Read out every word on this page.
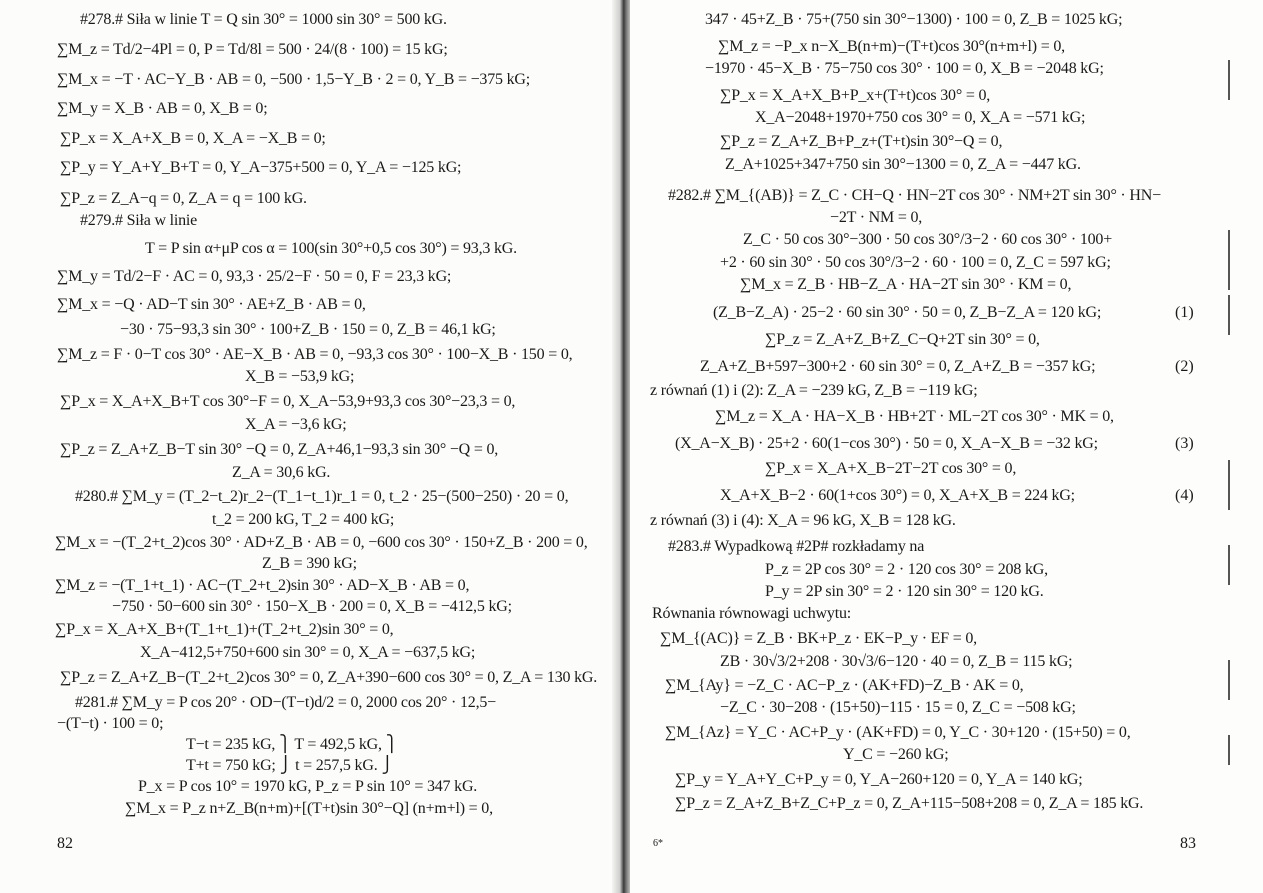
82	83
6*
(1)
(2)
(3)
(4)
#278.# Siła w linie T = Q sin 30° = 1000 sin 30° = 500 kG.
∑M_z = Td/2−4Pl = 0, P = Td/8l = 500 · 24/(8 · 100) = 15 kG;
∑M_x = −T · AC−Y_B · AB = 0, −500 · 1,5−Y_B · 2 = 0, Y_B = −375 kG;
∑M_y = X_B · AB = 0, X_B = 0;
∑P_x = X_A+X_B = 0, X_A = −X_B = 0;
∑P_y = Y_A+Y_B+T = 0, Y_A−375+500 = 0, Y_A = −125 kG;
∑P_z = Z_A−q = 0, Z_A = q = 100 kG.
#279.# Siła w linie
T = P sin α+μP cos α = 100(sin 30°+0,5 cos 30°) = 93,3 kG.
∑M_y = Td/2−F · AC = 0, 93,3 · 25/2−F · 50 = 0, F = 23,3 kG;
∑M_x = −Q · AD−T sin 30° · AE+Z_B · AB = 0,
−30 · 75−93,3 sin 30° · 100+Z_B · 150 = 0, Z_B = 46,1 kG;
∑M_z = F · 0−T cos 30° · AE−X_B · AB = 0, −93,3 cos 30° · 100−X_B · 150 = 0,
X_B = −53,9 kG;
∑P_x = X_A+X_B+T cos 30°−F = 0, X_A−53,9+93,3 cos 30°−23,3 = 0,
X_A = −3,6 kG;
∑P_z = Z_A+Z_B−T sin 30° −Q = 0, Z_A+46,1−93,3 sin 30° −Q = 0,
Z_A = 30,6 kG.
#280.# ∑M_y = (T_2−t_2)r_2−(T_1−t_1)r_1 = 0, t_2 · 25−(500−250) · 20 = 0,
t_2 = 200 kG, T_2 = 400 kG;
∑M_x = −(T_2+t_2)cos 30° · AD+Z_B · AB = 0, −600 cos 30° · 150+Z_B · 200 = 0,
Z_B = 390 kG;
∑M_z = −(T_1+t_1) · AC−(T_2+t_2)sin 30° · AD−X_B · AB = 0,
−750 · 50−600 sin 30° · 150−X_B · 200 = 0, X_B = −412,5 kG;
∑P_x = X_A+X_B+(T_1+t_1)+(T_2+t_2)sin 30° = 0,
X_A−412,5+750+600 sin 30° = 0, X_A = −637,5 kG;
∑P_z = Z_A+Z_B−(T_2+t_2)cos 30° = 0, Z_A+390−600 cos 30° = 0, Z_A = 130 kG.
#281.# ∑M_y = P cos 20° · OD−(T−t)d/2 = 0, 2000 cos 20° · 12,5−
−(T−t) · 100 = 0;
T−t = 235 kG, ⎫ T = 492,5 kG, ⎫
T+t = 750 kG; ⎭ t = 257,5 kG. ⎭
P_x = P cos 10° = 1970 kG, P_z = P sin 10° = 347 kG.
∑M_x = P_z n+Z_B(n+m)+[(T+t)sin 30°−Q] (n+m+l) = 0,
347 · 45+Z_B · 75+(750 sin 30°−1300) · 100 = 0, Z_B = 1025 kG;
∑M_z = −P_x n−X_B(n+m)−(T+t)cos 30°(n+m+l) = 0,
−1970 · 45−X_B · 75−750 cos 30° · 100 = 0, X_B = −2048 kG;
∑P_x = X_A+X_B+P_x+(T+t)cos 30° = 0,
X_A−2048+1970+750 cos 30° = 0, X_A = −571 kG;
∑P_z = Z_A+Z_B+P_z+(T+t)sin 30°−Q = 0,
Z_A+1025+347+750 sin 30°−1300 = 0, Z_A = −447 kG.
#282.# ∑M_{(AB)} = Z_C · CH−Q · HN−2T cos 30° · NM+2T sin 30° · HN−
−2T · NM = 0,
Z_C · 50 cos 30°−300 · 50 cos 30°/3−2 · 60 cos 30° · 100+
+2 · 60 sin 30° · 50 cos 30°/3−2 · 60 · 100 = 0, Z_C = 597 kG;
∑M_x = Z_B · HB−Z_A · HA−2T sin 30° · KM = 0,
(Z_B−Z_A) · 25−2 · 60 sin 30° · 50 = 0, Z_B−Z_A = 120 kG;
∑P_z = Z_A+Z_B+Z_C−Q+2T sin 30° = 0,
Z_A+Z_B+597−300+2 · 60 sin 30° = 0, Z_A+Z_B = −357 kG;
z równań (1) i (2): Z_A = −239 kG, Z_B = −119 kG;
∑M_z = X_A · HA−X_B · HB+2T · ML−2T cos 30° · MK = 0,
(X_A−X_B) · 25+2 · 60(1−cos 30°) · 50 = 0, X_A−X_B = −32 kG;
∑P_x = X_A+X_B−2T−2T cos 30° = 0,
X_A+X_B−2 · 60(1+cos 30°) = 0, X_A+X_B = 224 kG;
z równań (3) i (4): X_A = 96 kG, X_B = 128 kG.
#283.# Wypadkową #2P# rozkładamy na
P_z = 2P cos 30° = 2 · 120 cos 30° = 208 kG,
P_y = 2P sin 30° = 2 · 120 sin 30° = 120 kG.
Równania równowagi uchwytu:
∑M_{(AC)} = Z_B · BK+P_z · EK−P_y · EF = 0,
ZB · 30√3/2+208 · 30√3/6−120 · 40 = 0, Z_B = 115 kG;
∑M_{Ay} = −Z_C · AC−P_z · (AK+FD)−Z_B · AK = 0,
−Z_C · 30−208 · (15+50)−115 · 15 = 0, Z_C = −508 kG;
∑M_{Az} = Y_C · AC+P_y · (AK+FD) = 0, Y_C · 30+120 · (15+50) = 0,
Y_C = −260 kG;
∑P_y = Y_A+Y_C+P_y = 0, Y_A−260+120 = 0, Y_A = 140 kG;
∑P_z = Z_A+Z_B+Z_C+P_z = 0, Z_A+115−508+208 = 0, Z_A = 185 kG.
